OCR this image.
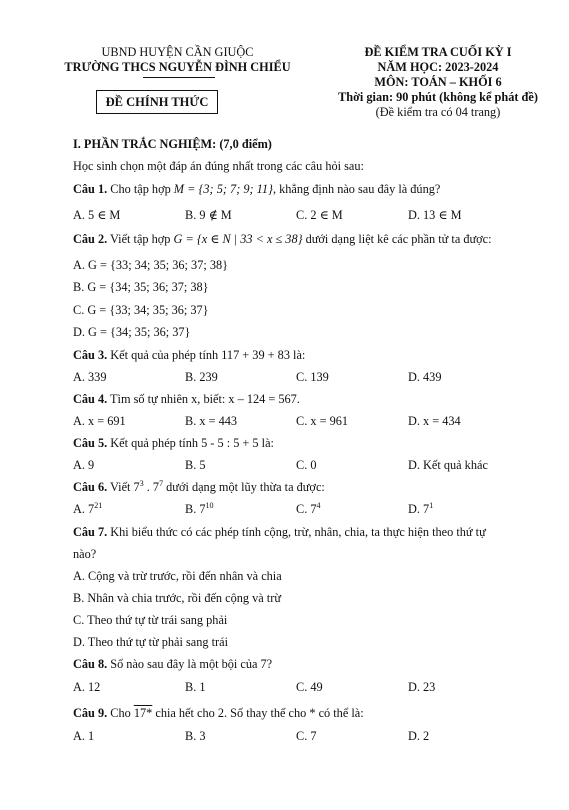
UBND HUYỆN CẦN GIUỘC
TRƯỜNG THCS NGUYỄN ĐÌNH CHIỂU
ĐỀ CHÍNH THỨC
ĐỀ KIỂM TRA CUỐI KỲ I
NĂM HỌC: 2023-2024
MÔN: TOÁN – KHỐI 6
Thời gian: 90 phút (không kể phát đề)
(Đề kiểm tra có 04 trang)
I. PHẦN TRẮC NGHIỆM: (7,0 điểm)
Học sinh chọn một đáp án đúng nhất trong các câu hỏi sau:
Câu 1. Cho tập hợp M = {3; 5; 7; 9; 11}, khẳng định nào sau đây là đúng?
A. 5 ∈ M	B. 9 ∉ M	C. 2 ∈ M	D. 13 ∈ M
Câu 2. Viết tập hợp G = {x ∈ N | 33 < x ≤ 38} dưới dạng liệt kê các phần tử ta được:
A. G = {33; 34; 35; 36; 37; 38}
B. G = {34; 35; 36; 37; 38}
C. G = {33; 34; 35; 36; 37}
D. G = {34; 35; 36; 37}
Câu 3. Kết quả của phép tính 117 + 39 + 83 là:
A. 339	B. 239	C. 139	D. 439
Câu 4. Tìm số tự nhiên x, biết: x – 124 = 567.
A. x = 691	B. x = 443	C. x = 961	D. x = 434
Câu 5. Kết quả phép tính 5 - 5 : 5 + 5 là:
A. 9	B. 5	C. 0	D. Kết quả khác
Câu 6. Viết $7^3$ . $7^7$ dưới dạng một lũy thừa ta được:
A. $7^{21}$	B. $7^{10}$	C. $7^4$	D. $7^1$
Câu 7. Khi biểu thức có các phép tính cộng, trừ, nhân, chia, ta thực hiện theo thứ tự
nào?
A. Cộng và trừ trước, rồi đến nhân và chia
B. Nhân và chia trước, rồi đến cộng và trừ
C. Theo thứ tự từ trái sang phải
D. Theo thứ tự từ phải sang trái
Câu 8. Số nào sau đây là một bội của 7?
A. 12	B. 1	C. 49	D. 23
Câu 9. Cho 17* chia hết cho 2. Số thay thế cho * có thể là:
A. 1	B. 3	C. 7	D. 2
